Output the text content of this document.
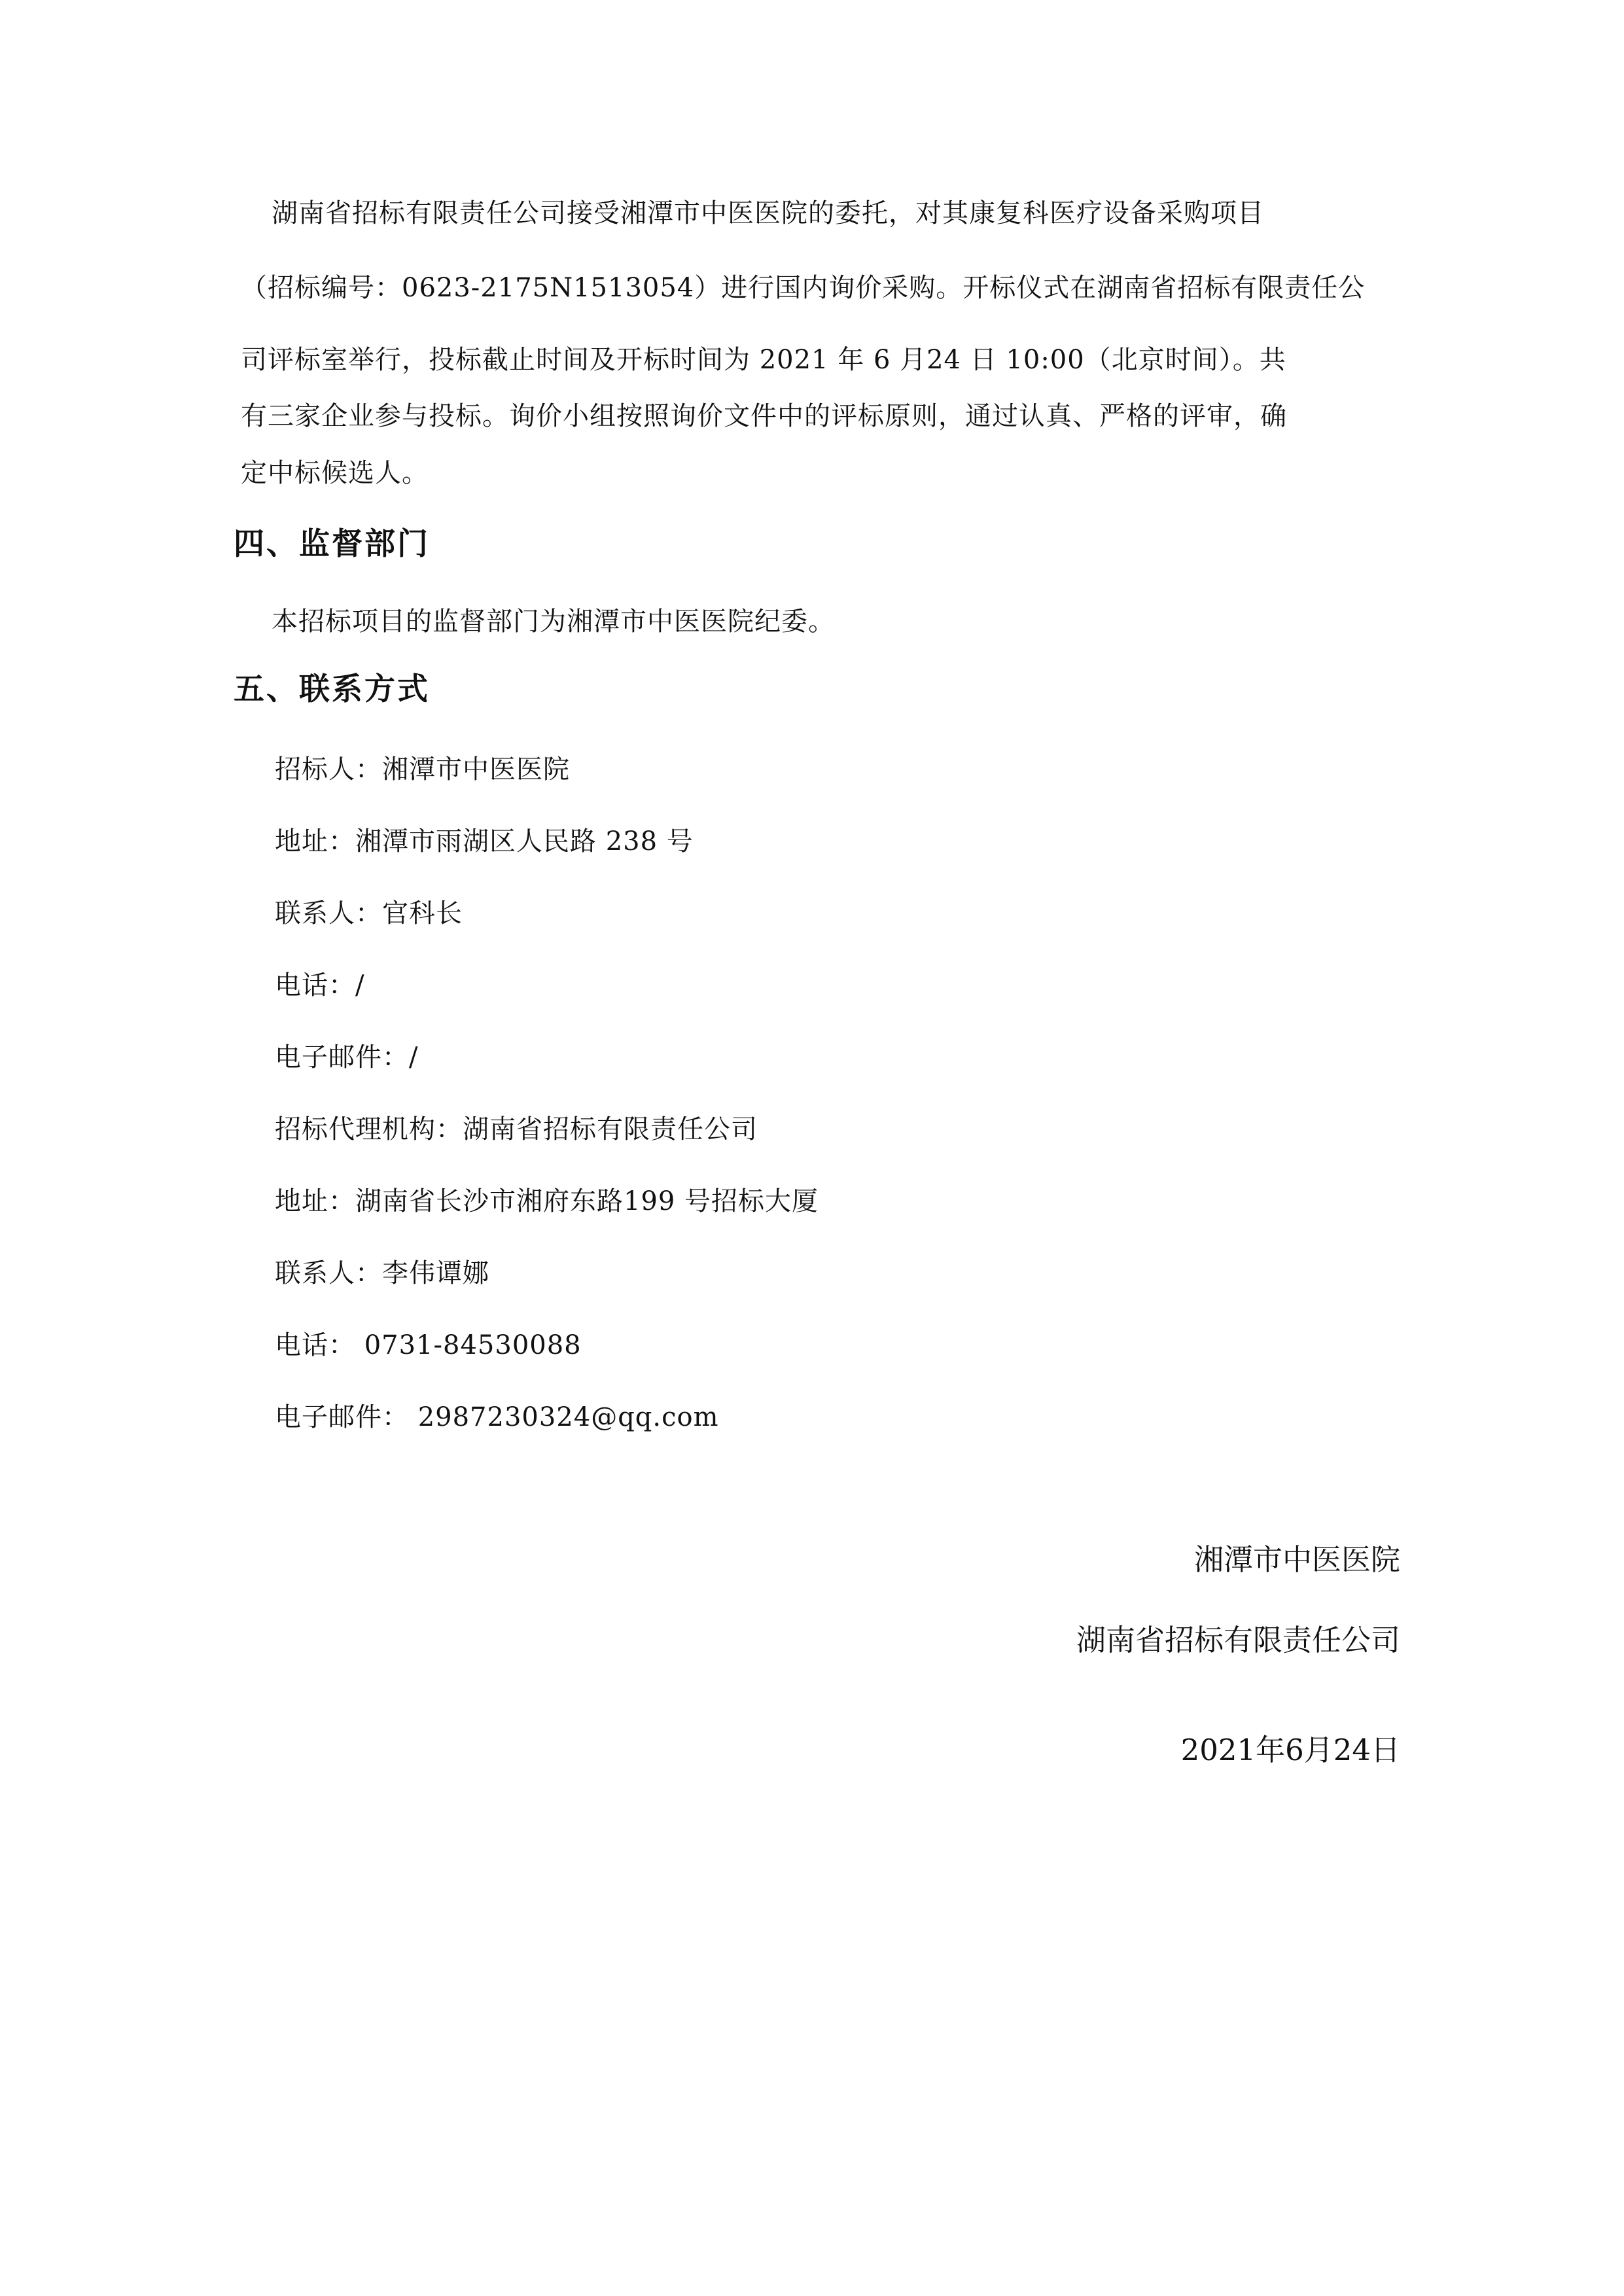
湖南省招标有限责任公司接受湘潭市中医医院的委托，对其康复科医疗设备采购项目
（招标编号：0623-2175N1513054）进行国内询价采购。开标仪式在湖南省招标有限责任公
司评标室举行，投标截止时间及开标时间为 2021 年 6 月24 日 10:00（北京时间）。共
有三家企业参与投标。询价小组按照询价文件中的评标原则，通过认真、严格的评审，确
定中标候选人。
四、监督部门
本招标项目的监督部门为湘潭市中医医院纪委。
五、联系方式
招标人：湘潭市中医医院
地址：湘潭市雨湖区人民路 238 号
联系人：官科长
电话：/
电子邮件：/
招标代理机构：湖南省招标有限责任公司
地址：湖南省长沙市湘府东路199 号招标大厦
联系人：李伟谭娜
电话： 0731-84530088
电子邮件： 2987230324@qq.com
湘潭市中医医院
湖南省招标有限责任公司
2021年6月24日
